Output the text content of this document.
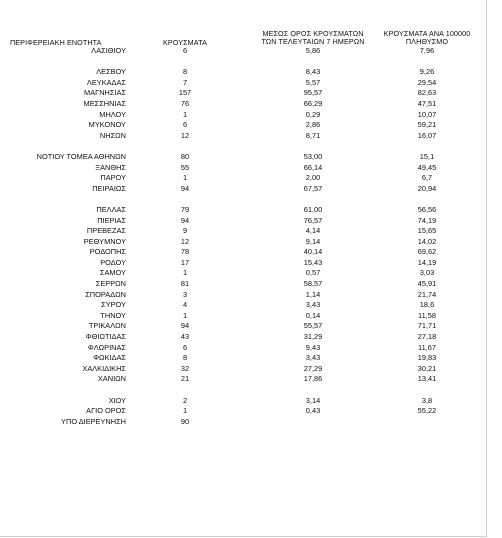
ΠΕΡΙΦΕΡΕΙΑΚΗ ΕΝΟΤΗΤΑ	ΚΡΟΥΣΜΑΤΑ
ΜΕΣΟΣ ΟΡΟΣ ΚΡΟΥΣΜΑΤΩΝ
ΤΩΝ ΤΕΛΕΥΤΑΙΩΝ 7 ΗΜΕΡΩΝ
ΚΡΟΥΣΜΑΤΑ ΑΝΑ 100000
ΠΛΗΘΥΣΜΟ
ΛΑΣΙΘΙΟΥ	6	5,86	7,96
ΛΕΣΒΟΥ	8	8,43	9,26
ΛΕΥΚΑΔΑΣ	7	5,57	29,54
ΜΑΓΝΗΣΙΑΣ	157	95,57	82,63
ΜΕΣΣΗΝΙΑΣ	76	66,29	47,51
ΜΗΛΟΥ	1	0,29	10,07
ΜΥΚΟΝΟΥ	6	2,86	59,21
ΝΗΣΩΝ	12	8,71	16,07
ΝΟΤΙΟΥ ΤΟΜΕΑ ΑΘΗΝΩΝ	80	53,00	15,1
ΞΑΝΘΗΣ	55	66,14	49,45
ΠΑΡΟΥ	1	2,00	6,7
ΠΕΙΡΑΙΩΣ	94	67,57	20,94
ΠΕΛΛΑΣ	79	61,00	56,56
ΠΙΕΡΙΑΣ	94	76,57	74,19
ΠΡΕΒΕΖΑΣ	9	4,14	15,65
ΡΕΘΥΜΝΟΥ	12	9,14	14,02
ΡΟΔΟΠΗΣ	78	40,14	69,62
ΡΟΔΟΥ	17	15,43	14,19
ΣΑΜΟΥ	1	0,57	3,03
ΣΕΡΡΩΝ	81	58,57	45,91
ΣΠΟΡΑΔΩΝ	3	1,14	21,74
ΣΥΡΟΥ	4	3,43	18,6
ΤΗΝΟΥ	1	0,14	11,58
ΤΡΙΚΑΛΩΝ	94	55,57	71,71
ΦΘΙΩΤΙΔΑΣ	43	31,29	27,18
ΦΛΩΡΙΝΑΣ	6	9,43	11,67
ΦΩΚΙΔΑΣ	8	3,43	19,83
ΧΑΛΚΙΔΙΚΗΣ	32	27,29	30,21
ΧΑΝΙΩΝ	21	17,86	13,41
ΧΙΟΥ	2	3,14	3,8
ΑΓΙΟ ΟΡΟΣ	1	0,43	55,22
ΥΠΟ ΔΙΕΡΕΥΝΗΣΗ	90
